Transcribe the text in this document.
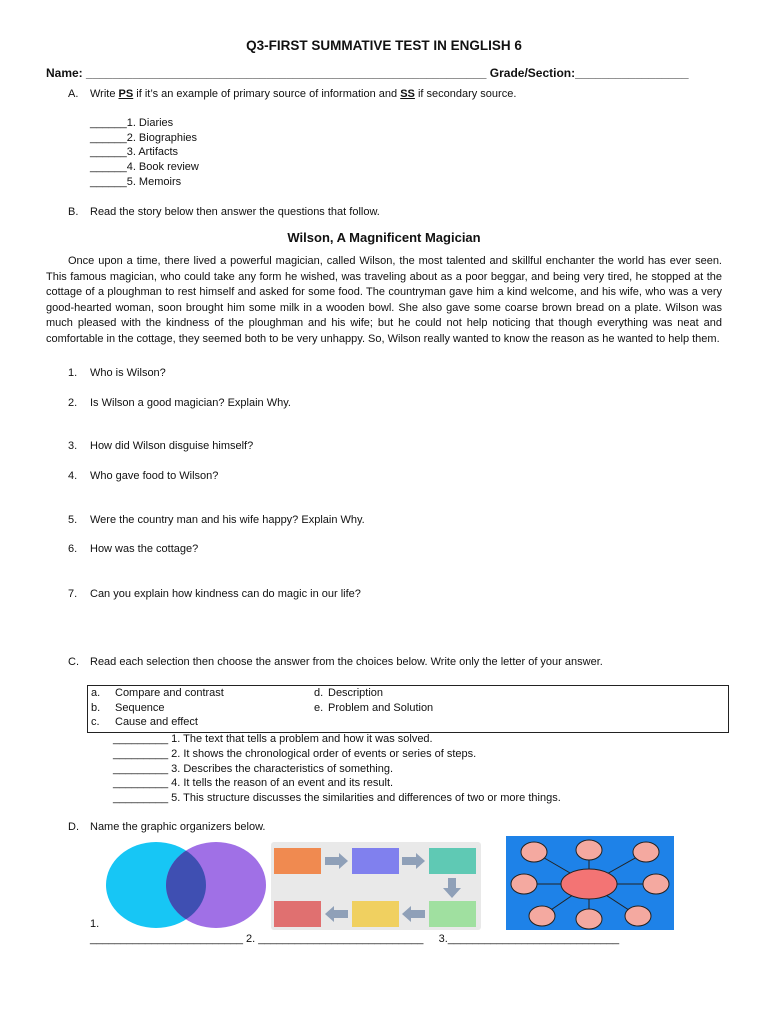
Q3-FIRST SUMMATIVE TEST IN ENGLISH 6
Name: ____________________________________________________________ Grade/Section:_________________
A. Write PS if it’s an example of primary source of information and SS if secondary source.
______1. Diaries
______2. Biographies
______3. Artifacts
______4. Book review
______5. Memoirs
B. Read the story below then answer the questions that follow.
Wilson, A Magnificent Magician
Once upon a time, there lived a powerful magician, called Wilson, the most talented and skillful enchanter the world has ever seen. This famous magician, who could take any form he wished, was traveling about as a poor beggar, and being very tired, he stopped at the cottage of a ploughman to rest himself and asked for some food. The countryman gave him a kind welcome, and his wife, who was a very good-hearted woman, soon brought him some milk in a wooden bowl. She also gave some coarse brown bread on a plate. Wilson was much pleased with the kindness of the ploughman and his wife; but he could not help noticing that though everything was neat and comfortable in the cottage, they seemed both to be very unhappy. So, Wilson really wanted to know the reason as he wanted to help them.
1. Who is Wilson?
2. Is Wilson a good magician? Explain Why.
3. How did Wilson disguise himself?
4. Who gave food to Wilson?
5. Were the country man and his wife happy? Explain Why.
6. How was the cottage?
7. Can you explain how kindness can do magic in our life?
C. Read each selection then choose the answer from the choices below. Write only the letter of your answer.
a. Compare and contrast
b. Sequence
c. Cause and effect
d. Description
e. Problem and Solution
_________ 1. The text that tells a problem and how it was solved.
_________ 2. It shows the chronological order of events or series of steps.
_________ 3. Describes the characteristics of something.
_________ 4. It tells the reason of an event and its result.
_________ 5. This structure discusses the similarities and differences of two or more things.
D. Name the graphic organizers below.
1.
_________________________ 2. ___________________________     3.____________________________
